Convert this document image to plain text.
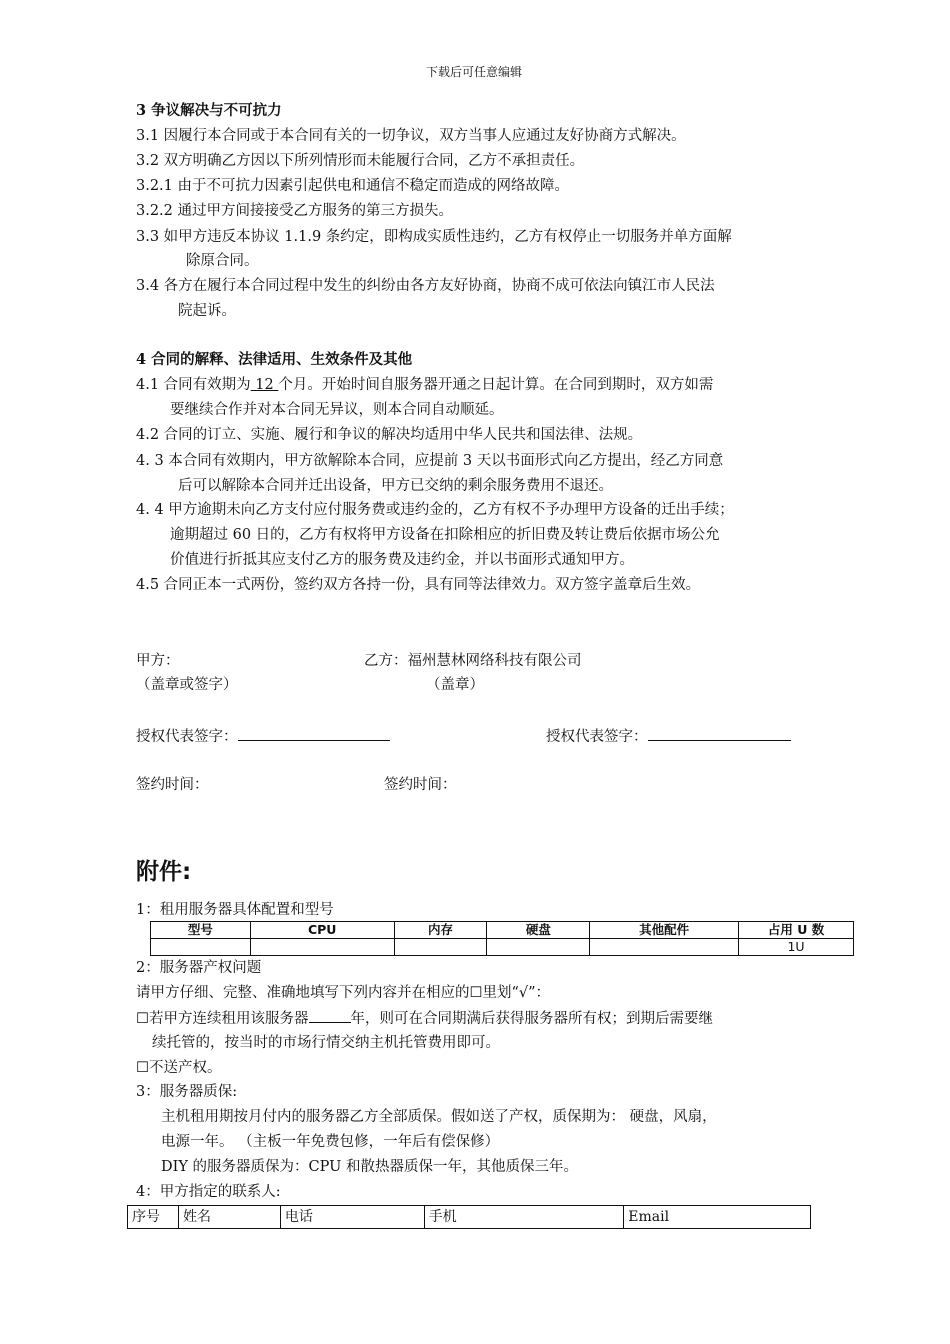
下载后可任意编辑
3 争议解决与不可抗力
3.1 因履行本合同或于本合同有关的一切争议，双方当事人应通过友好协商方式解决。
3.2 双方明确乙方因以下所列情形而未能履行合同，乙方不承担责任。
3.2.1 由于不可抗力因素引起供电和通信不稳定而造成的网络故障。
3.2.2 通过甲方间接接受乙方服务的第三方损失。
3.3 如甲方违反本协议 1.1.9 条约定，即构成实质性违约，乙方有权停止一切服务并单方面解
除原合同。
3.4 各方在履行本合同过程中发生的纠纷由各方友好协商，协商不成可依法向镇江市人民法
院起诉。
4 合同的解释、法律适用、生效条件及其他
4.1 合同有效期为 12 个月。开始时间自服务器开通之日起计算。在合同到期时，双方如需
要继续合作并对本合同无异议，则本合同自动顺延。
4.2 合同的订立、实施、履行和争议的解决均适用中华人民共和国法律、法规。
4. 3 本合同有效期内，甲方欲解除本合同，应提前 3 天以书面形式向乙方提出，经乙方同意
后可以解除本合同并迁出设备，甲方已交纳的剩余服务费用不退还。
4. 4 甲方逾期未向乙方支付应付服务费或违约金的，乙方有权不予办理甲方设备的迁出手续；
逾期超过 60 日的，乙方有权将甲方设备在扣除相应的折旧费及转让费后依据市场公允
价值进行折抵其应支付乙方的服务费及违约金，并以书面形式通知甲方。
4.5 合同正本一式两份，签约双方各持一份，具有同等法律效力。双方签字盖章后生效。
甲方：	乙方：福州慧林网络科技有限公司
（盖章或签字）	（盖章）
授权代表签字：	授权代表签字：
签约时间：	签约时间：
附件:
1：租用服务器具体配置和型号
型号	CPU	内存	硬盘	其他配件	占用 U 数
					1U
2：服务器产权问题
请甲方仔细、完整、准确地填写下列内容并在相应的☐里划“√”：
☐若甲方连续租用该服务器	年，则可在合同期满后获得服务器所有权；到期后需要继
续托管的，按当时的市场行情交纳主机托管费用即可。
☐不送产权。
3：服务器质保:
主机租用期按月付内的服务器乙方全部质保。假如送了产权，质保期为： 硬盘，风扇，
电源一年。 （主板一年免费包修，一年后有偿保修）
DIY 的服务器质保为：CPU 和散热器质保一年，其他质保三年。
4：甲方指定的联系人:
序号	姓名	电话	手机	Email
